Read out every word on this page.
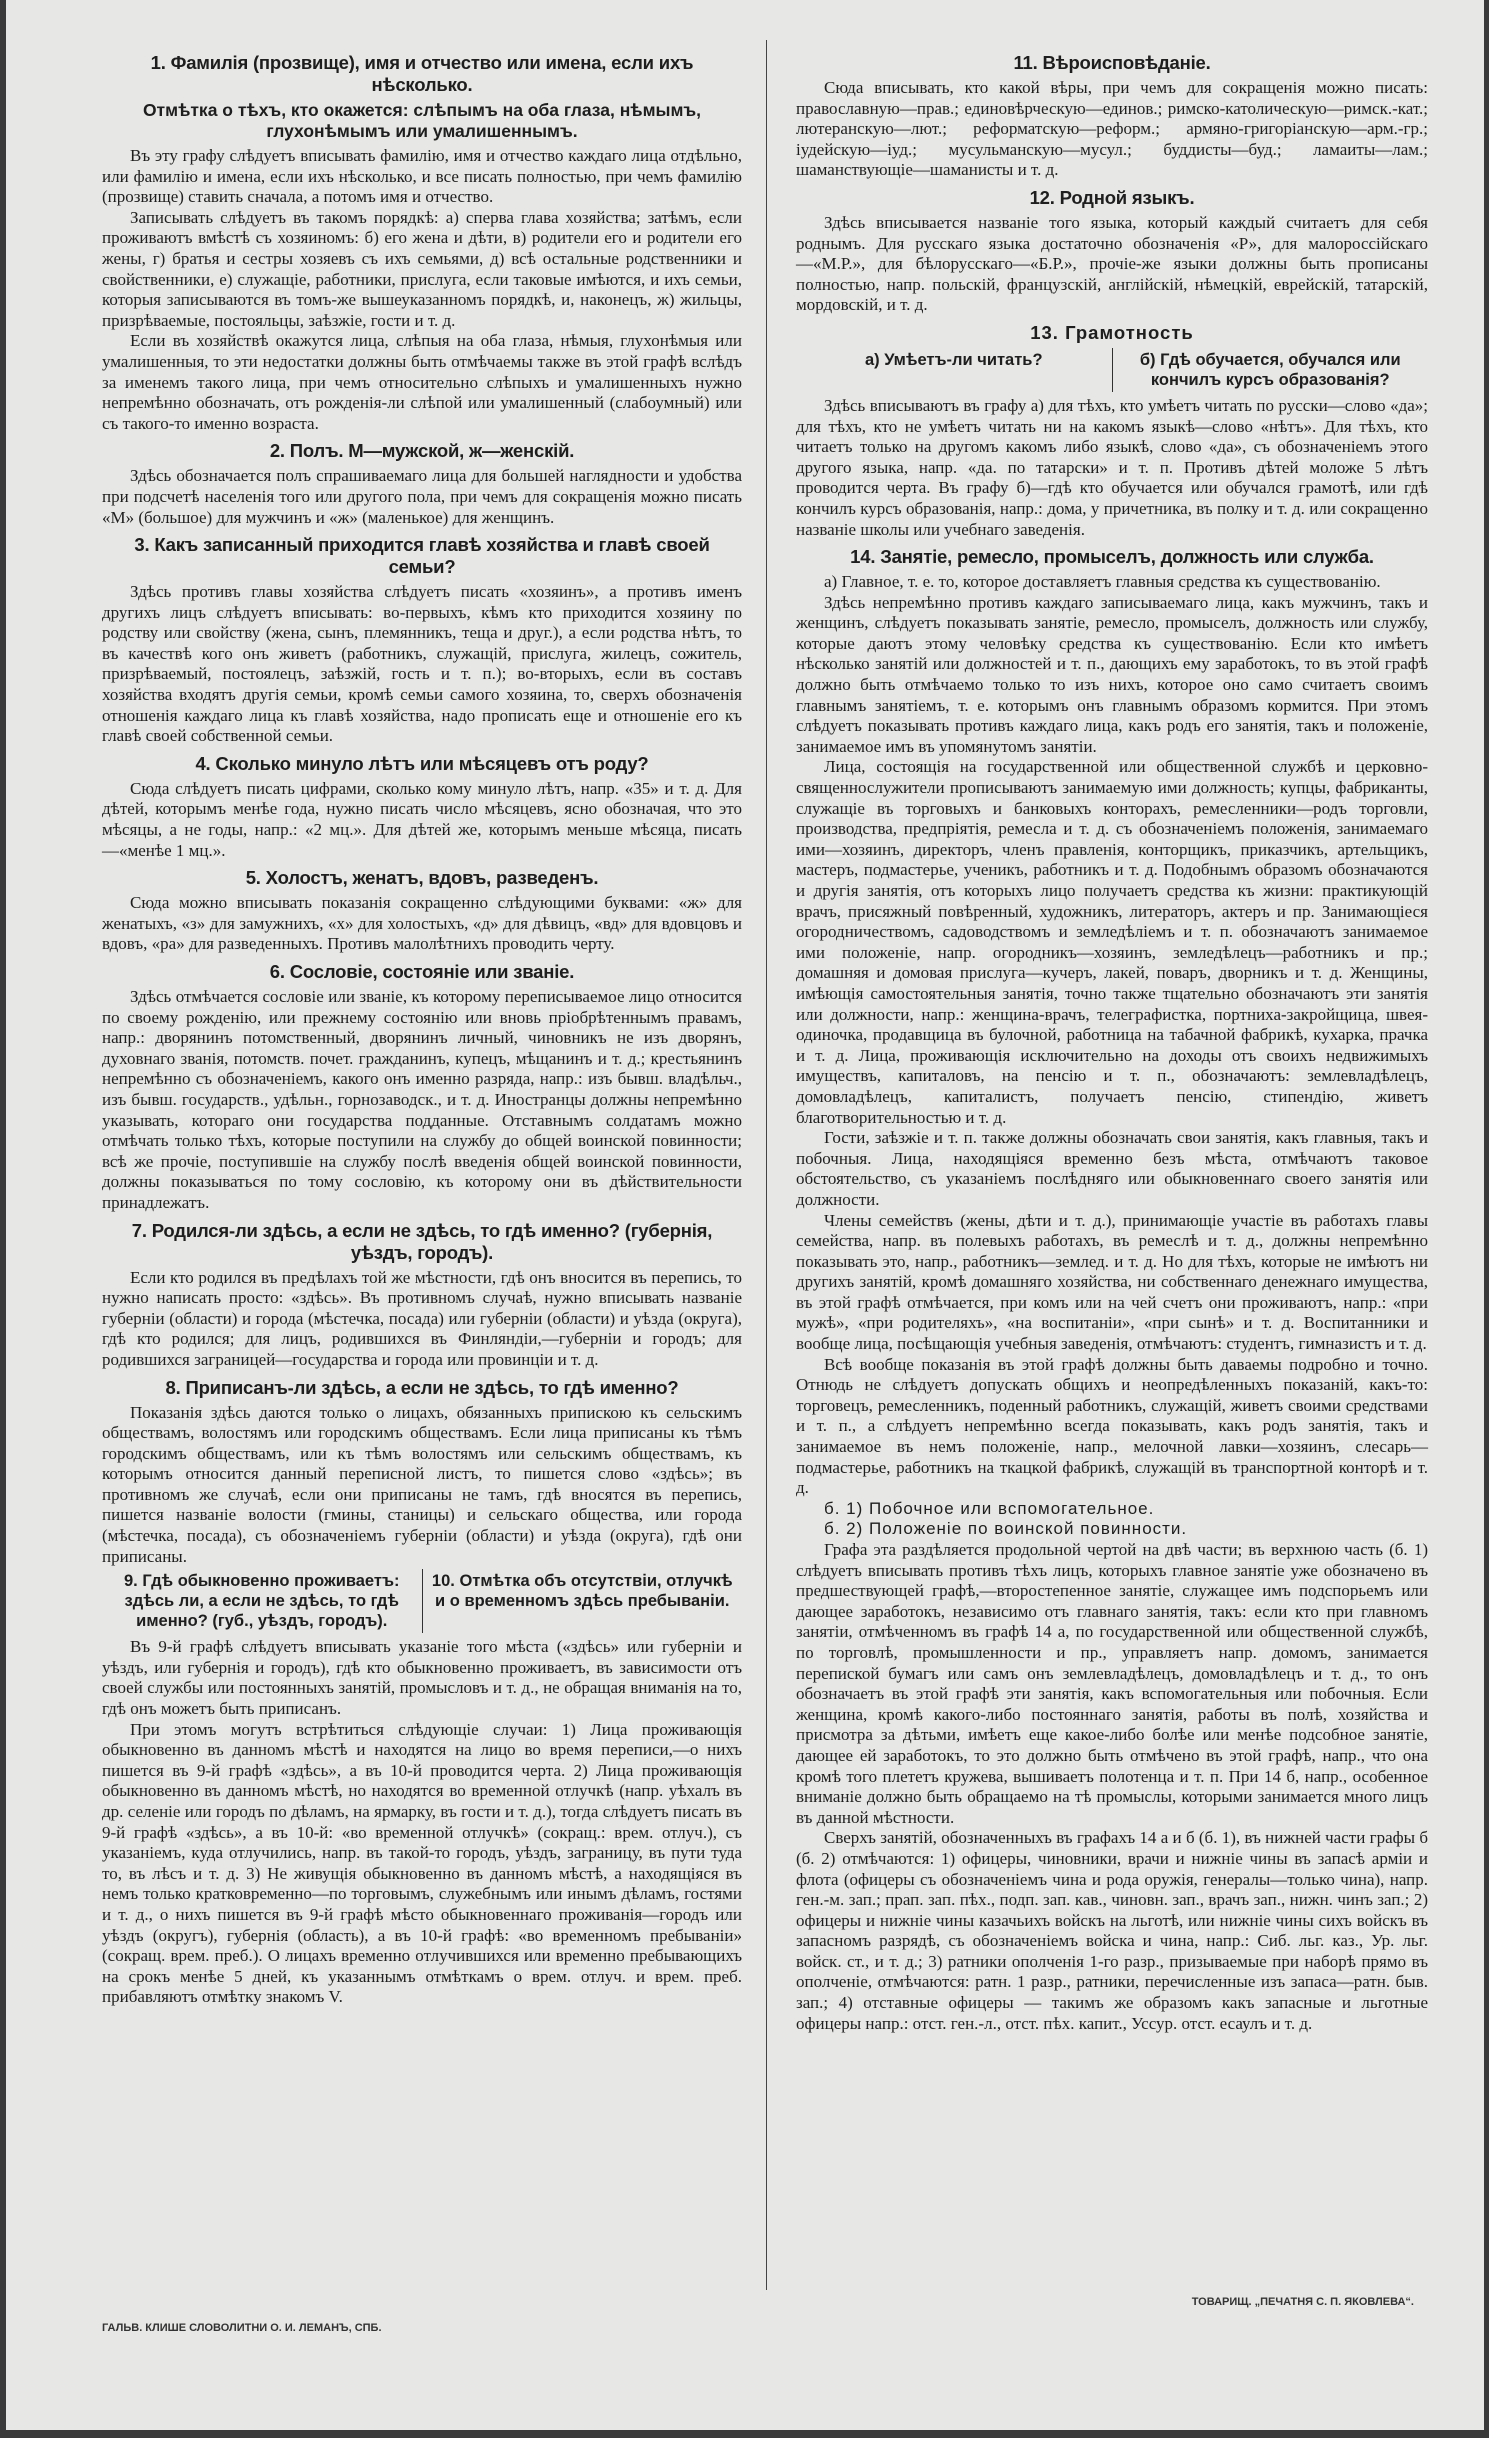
1. Фамилія (прозвище), имя и отчество или имена, если ихъ нѣсколько.
Отмѣтка о тѣхъ, кто окажется: слѣпымъ на оба глаза, нѣмымъ, глухонѣмымъ или умалишеннымъ.

Въ эту графу слѣдуетъ вписывать фамилію, имя и отчество каждаго лица отдѣльно, или фамилію и имена, если ихъ нѣсколько, и все писать полностью, при чемъ фамилію (прозвище) ставить сначала, а потомъ имя и отчество.

Записывать слѣдуетъ въ такомъ порядкѣ: а) сперва глава хозяйства; затѣмъ, если проживаютъ вмѣстѣ съ хозяиномъ: б) его жена и дѣти, в) родители его и родители его жены, г) братья и сестры хозяевъ съ ихъ семьями, д) всѣ остальные родственники и свойственники, е) служащіе, работники, прислуга, если таковые имѣются, и ихъ семьи, которыя записываются въ томъ-же вышеуказанномъ порядкѣ, и, наконецъ, ж) жильцы, призрѣваемые, постояльцы, заѣзжіе, гости и т. д.

Если въ хозяйствѣ окажутся лица, слѣпыя на оба глаза, нѣмыя, глухонѣмыя или умалишенныя, то эти недостатки должны быть отмѣчаемы также въ этой графѣ вслѣдъ за именемъ такого лица, при чемъ относительно слѣпыхъ и умалишенныхъ нужно непремѣнно обозначать, отъ рожденія-ли слѣпой или умалишенный (слабоумный) или съ такого-то именно возраста.

2. Полъ. М—мужской, ж—женскій.

Здѣсь обозначается полъ спрашиваемаго лица для большей наглядности и удобства при подсчетѣ населенія того или другого пола, при чемъ для сокращенія можно писать «М» (большое) для мужчинъ и «ж» (маленькое) для женщинъ.

3. Какъ записанный приходится главѣ хозяйства и главѣ своей семьи?

Здѣсь противъ главы хозяйства слѣдуетъ писать «хозяинъ», а противъ именъ другихъ лицъ слѣдуетъ вписывать: во-первыхъ, кѣмъ кто приходится хозяину по родству или свойству (жена, сынъ, племянникъ, теща и друг.), а если родства нѣтъ, то въ качествѣ кого онъ живетъ (работникъ, служащій, прислуга, жилецъ, сожитель, призрѣваемый, постоялецъ, заѣзжій, гость и т. п.); во-вторыхъ, если въ составъ хозяйства входятъ другія семьи, кромѣ семьи самого хозяина, то, сверхъ обозначенія отношенія каждаго лица къ главѣ хозяйства, надо прописать еще и отношеніе его къ главѣ своей собственной семьи.

4. Сколько минуло лѣтъ или мѣсяцевъ отъ роду?

Сюда слѣдуетъ писать цифрами, сколько кому минуло лѣтъ, напр. «35» и т. д. Для дѣтей, которымъ менѣе года, нужно писать число мѣсяцевъ, ясно обозначая, что это мѣсяцы, а не годы, напр.: «2 мц.». Для дѣтей же, которымъ меньше мѣсяца, писать—«менѣе 1 мц.».

5. Холостъ, женатъ, вдовъ, разведенъ.

Сюда можно вписывать показанія сокращенно слѣдующими буквами: «ж» для женатыхъ, «з» для замужнихъ, «х» для холостыхъ, «д» для дѣвицъ, «вд» для вдовцовъ и вдовъ, «ра» для разведенныхъ. Противъ малолѣтнихъ проводить черту.

6. Сословіе, состояніе или званіе.

Здѣсь отмѣчается сословіе или званіе, къ которому переписываемое лицо относится по своему рожденію, или прежнему состоянію или вновь пріобрѣтеннымъ правамъ, напр.: дворянинъ потомственный, дворянинъ личный, чиновникъ не изъ дворянъ, духовнаго званія, потомств. почет. гражданинъ, купецъ, мѣщанинъ и т. д.; крестьянинъ непремѣнно съ обозначеніемъ, какого онъ именно разряда, напр.: изъ бывш. владѣльч., изъ бывш. государств., удѣльн., горнозаводск., и т. д. Иностранцы должны непремѣнно указывать, котораго они государства подданные. Отставнымъ солдатамъ можно отмѣчать только тѣхъ, которые поступили на службу до общей воинской повинности; всѣ же прочіе, поступившіе на службу послѣ введенія общей воинской повинности, должны показываться по тому сословію, къ которому они въ дѣйствительности принадлежатъ.

7. Родился-ли здѣсь, а если не здѣсь, то гдѣ именно? (губернія, уѣздъ, городъ).

Если кто родился въ предѣлахъ той же мѣстности, гдѣ онъ вносится въ перепись, то нужно написать просто: «здѣсь». Въ противномъ случаѣ, нужно вписывать названіе губерніи (области) и города (мѣстечка, посада) или губерніи (области) и уѣзда (округа), гдѣ кто родился; для лицъ, родившихся въ Финляндіи,—губерніи и городъ; для родившихся заграницей—государства и города или провинціи и т. д.

8. Приписанъ-ли здѣсь, а если не здѣсь, то гдѣ именно?

Показанія здѣсь даются только о лицахъ, обязанныхъ припискою къ сельскимъ обществамъ, волостямъ или городскимъ обществамъ. Если лица приписаны къ тѣмъ городскимъ обществамъ, или къ тѣмъ волостямъ или сельскимъ обществамъ, къ которымъ относится данный переписной листъ, то пишется слово «здѣсь»; въ противномъ же случаѣ, если они приписаны не тамъ, гдѣ вносятся въ перепись, пишется названіе волости (гмины, станицы) и сельскаго общества, или города (мѣстечка, посада), съ обозначеніемъ губерніи (области) и уѣзда (округа), гдѣ они приписаны.

9. Гдѣ обыкновенно проживаетъ: здѣсь ли, а если не здѣсь, то гдѣ именно? (губ., уѣздъ, городъ).
10. Отмѣтка объ отсутствіи, отлучкѣ и о временномъ здѣсь пребываніи.

Въ 9-й графѣ слѣдуетъ вписывать указаніе того мѣста («здѣсь» или губерніи и уѣздъ, или губернія и городъ), гдѣ кто обыкновенно проживаетъ, въ зависимости отъ своей службы или постоянныхъ занятій, промысловъ и т. д., не обращая вниманія на то, гдѣ онъ можетъ быть приписанъ.

При этомъ могутъ встрѣтиться слѣдующіе случаи: 1) Лица проживающія обыкновенно въ данномъ мѣстѣ и находятся на лицо во время переписи,—о нихъ пишется въ 9-й графѣ «здѣсь», а въ 10-й проводится черта. 2) Лица проживающія обыкновенно въ данномъ мѣстѣ, но находятся во временной отлучкѣ (напр. уѣхалъ въ др. селеніе или городъ по дѣламъ, на ярмарку, въ гости и т. д.), тогда слѣдуетъ писать въ 9-й графѣ «здѣсь», а въ 10-й: «во временной отлучкѣ» (сокращ.: врем. отлуч.), съ указаніемъ, куда отлучились, напр. въ такой-то городъ, уѣздъ, заграницу, въ пути туда то, въ лѣсъ и т. д. 3) Не живущія обыкновенно въ данномъ мѣстѣ, а находящіяся въ немъ только кратковременно—по торговымъ, служебнымъ или инымъ дѣламъ, гостями и т. д., о нихъ пишется въ 9-й графѣ мѣсто обыкновеннаго проживанія—городъ или уѣздъ (округъ), губернія (область), а въ 10-й графѣ: «во временномъ пребываніи» (сокращ. врем. преб.). О лицахъ временно отлучившихся или временно пребывающихъ на срокъ менѣе 5 дней, къ указаннымъ отмѣткамъ о врем. отлуч. и врем. преб. прибавляютъ отмѣтку знакомъ V.

11. Вѣроисповѣданіе.

Сюда вписывать, кто какой вѣры, при чемъ для сокращенія можно писать: православную—прав.; единовѣрческую—единов.; римско-католическую—римск.-кат.; лютеранскую—лют.; реформатскую—реформ.; армяно-григоріанскую—арм.-гр.; іудейскую—іуд.; мусульманскую—мусул.; буддисты—буд.; ламаиты—лам.; шаманствующіе—шаманисты и т. д.

12. Родной языкъ.

Здѣсь вписывается названіе того языка, который каждый считаетъ для себя роднымъ. Для русскаго языка достаточно обозначенія «Р», для малороссійскаго—«М.Р.», для бѣлорусскаго—«Б.Р.», прочіе-же языки должны быть прописаны полностью, напр. польскій, французскій, англійскій, нѣмецкій, еврейскій, татарскій, мордовскій, и т. д.

13. Грамотность
а) Умѣетъ-ли читать?	б) Гдѣ обучается, обучался или кончилъ курсъ образованія?

Здѣсь вписываютъ въ графу а) для тѣхъ, кто умѣетъ читать по русски—слово «да»; для тѣхъ, кто не умѣетъ читать ни на какомъ языкѣ—слово «нѣтъ». Для тѣхъ, кто читаетъ только на другомъ какомъ либо языкѣ, слово «да», съ обозначеніемъ этого другого языка, напр. «да. по татарски» и т. п. Противъ дѣтей моложе 5 лѣтъ проводится черта. Въ графу б)—гдѣ кто обучается или обучался грамотѣ, или гдѣ кончилъ курсъ образованія, напр.: дома, у причетника, въ полку и т. д. или сокращенно названіе школы или учебнаго заведенія.

14. Занятіе, ремесло, промыселъ, должность или служба.

а) Главное, т. е. то, которое доставляетъ главныя средства къ существованію.

Здѣсь непремѣнно противъ каждаго записываемаго лица, какъ мужчинъ, такъ и женщинъ, слѣдуетъ показывать занятіе, ремесло, промыселъ, должность или службу, которые даютъ этому человѣку средства къ существованію. Если кто имѣетъ нѣсколько занятій или должностей и т. п., дающихъ ему заработокъ, то въ этой графѣ должно быть отмѣчаемо только то изъ нихъ, которое оно само считаетъ своимъ главнымъ занятіемъ, т. е. которымъ онъ главнымъ образомъ кормится. При этомъ слѣдуетъ показывать противъ каждаго лица, какъ родъ его занятія, такъ и положеніе, занимаемое имъ въ упомянутомъ занятіи.

Лица, состоящія на государственной или общественной службѣ и церковно-священнослужители прописываютъ занимаемую ими должность; купцы, фабриканты, служащіе въ торговыхъ и банковыхъ конторахъ, ремесленники—родъ торговли, производства, предпріятія, ремесла и т. д. съ обозначеніемъ положенія, занимаемаго ими—хозяинъ, директоръ, членъ правленія, конторщикъ, приказчикъ, артельщикъ, мастеръ, подмастерье, ученикъ, работникъ и т. д. Подобнымъ образомъ обозначаются и другія занятія, отъ которыхъ лицо получаетъ средства къ жизни: практикующій врачъ, присяжный повѣренный, художникъ, литераторъ, актеръ и пр. Занимающіеся огородничествомъ, садоводствомъ и земледѣліемъ и т. п. обозначаютъ занимаемое ими положеніе, напр. огородникъ—хозяинъ, земледѣлецъ—работникъ и пр.; домашняя и домовая прислуга—кучеръ, лакей, поваръ, дворникъ и т. д. Женщины, имѣющія самостоятельныя занятія, точно также тщательно обозначаютъ эти занятія или должности, напр.: женщина-врачъ, телеграфистка, портниха-закройщица, швея-одиночка, продавщица въ булочной, работница на табачной фабрикѣ, кухарка, прачка и т. д. Лица, проживающія исключительно на доходы отъ своихъ недвижимыхъ имуществъ, капиталовъ, на пенсію и т. п., обозначаютъ: землевладѣлецъ, домовладѣлецъ, капиталистъ, получаетъ пенсію, стипендію, живетъ благотворительностью и т. д.

Гости, заѣзжіе и т. п. также должны обозначать свои занятія, какъ главныя, такъ и побочныя. Лица, находящіяся временно безъ мѣста, отмѣчаютъ таковое обстоятельство, съ указаніемъ послѣдняго или обыкновеннаго своего занятія или должности.

Члены семействъ (жены, дѣти и т. д.), принимающіе участіе въ работахъ главы семейства, напр. въ полевыхъ работахъ, въ ремеслѣ и т. д., должны непремѣнно показывать это, напр., работникъ—землед. и т. д. Но для тѣхъ, которые не имѣютъ ни другихъ занятій, кромѣ домашняго хозяйства, ни собственнаго денежнаго имущества, въ этой графѣ отмѣчается, при комъ или на чей счетъ они проживаютъ, напр.: «при мужѣ», «при родителяхъ», «на воспитаніи», «при сынѣ» и т. д. Воспитанники и вообще лица, посѣщающія учебныя заведенія, отмѣчаютъ: студентъ, гимназистъ и т. д.

Всѣ вообще показанія въ этой графѣ должны быть даваемы подробно и точно. Отнюдь не слѣдуетъ допускать общихъ и неопредѣленныхъ показаній, какъ-то: торговецъ, ремесленникъ, поденный работникъ, служащій, живетъ своими средствами и т. п., а слѣдуетъ непремѣнно всегда показывать, какъ родъ занятія, такъ и занимаемое въ немъ положеніе, напр., мелочной лавки—хозяинъ, слесарь—подмастерье, работникъ на ткацкой фабрикѣ, служащій въ транспортной конторѣ и т. д.

б. 1) Побочное или вспомогательное.

б. 2) Положеніе по воинской повинности.

Графа эта раздѣляется продольной чертой на двѣ части; въ верхнюю часть (б. 1) слѣдуетъ вписывать противъ тѣхъ лицъ, которыхъ главное занятіе уже обозначено въ предшествующей графѣ,—второстепенное занятіе, служащее имъ подспорьемъ или дающее заработокъ, независимо отъ главнаго занятія, такъ: если кто при главномъ занятіи, отмѣченномъ въ графѣ 14 а, по государственной или общественной службѣ, по торговлѣ, промышленности и пр., управляетъ напр. домомъ, занимается перепиской бумагъ или самъ онъ землевладѣлецъ, домовладѣлецъ и т. д., то онъ обозначаетъ въ этой графѣ эти занятія, какъ вспомогательныя или побочныя. Если женщина, кромѣ какого-либо постояннаго занятія, работы въ полѣ, хозяйства и присмотра за дѣтьми, имѣетъ еще какое-либо болѣе или менѣе подсобное занятіе, дающее ей заработокъ, то это должно быть отмѣчено въ этой графѣ, напр., что она кромѣ того плететъ кружева, вышиваетъ полотенца и т. п. При 14 б, напр., особенное вниманіе должно быть обращаемо на тѣ промыслы, которыми занимается много лицъ въ данной мѣстности.

Сверхъ занятій, обозначенныхъ въ графахъ 14 а и б (б. 1), въ нижней части графы б (б. 2) отмѣчаются: 1) офицеры, чиновники, врачи и нижніе чины въ запасѣ арміи и флота (офицеры съ обозначеніемъ чина и рода оружія, генералы—только чина), напр. ген.-м. зап.; прап. зап. пѣх., подп. зап. кав., чиновн. зап., врачъ зап., нижн. чинъ зап.; 2) офицеры и нижніе чины казачьихъ войскъ на льготѣ, или нижніе чины сихъ войскъ въ запасномъ разрядѣ, съ обозначеніемъ войска и чина, напр.: Сиб. льг. каз., Ур. льг. войск. ст., и т. д.; 3) ратники ополченія 1-го разр., призываемые при наборѣ прямо въ ополченіе, отмѣчаются: ратн. 1 разр., ратники, перечисленные изъ запаса—ратн. быв. зап.; 4) отставные офицеры — такимъ же образомъ какъ запасные и льготные офицеры напр.: отст. ген.-л., отст. пѣх. капит., Уссур. отст. есаулъ и т. д.

ГАЛЬВ. КЛИШЕ СЛОВОЛИТНИ О. И. ЛЕМАНЪ, СПБ.
ТОВАРИЩ. „ПЕЧАТНЯ С. П. ЯКОВЛЕВА“.
